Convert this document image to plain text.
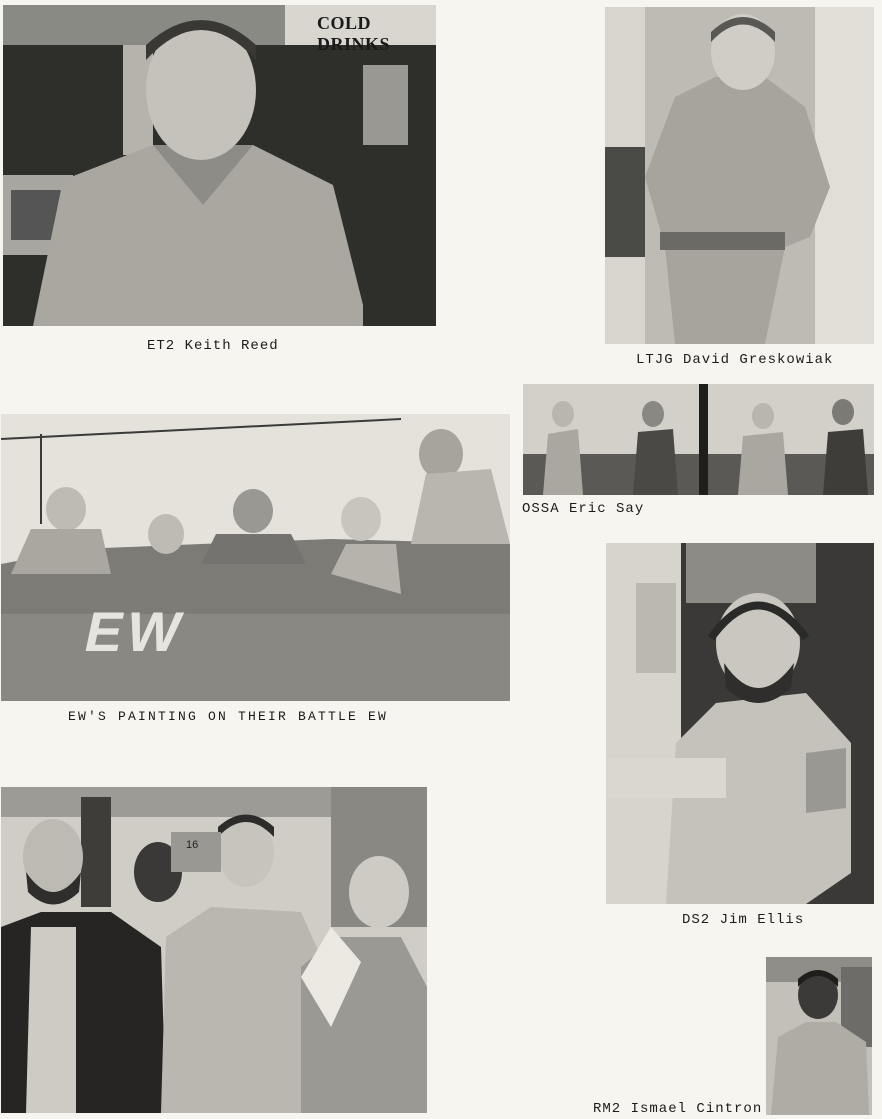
COLD DRINKS
ET2 Keith Reed
LTJG David Greskowiak
OSSA Eric Say
EW
EW'S PAINTING ON THEIR BATTLE EW
DS2 Jim Ellis
16
RM2 Ismael Cintron
